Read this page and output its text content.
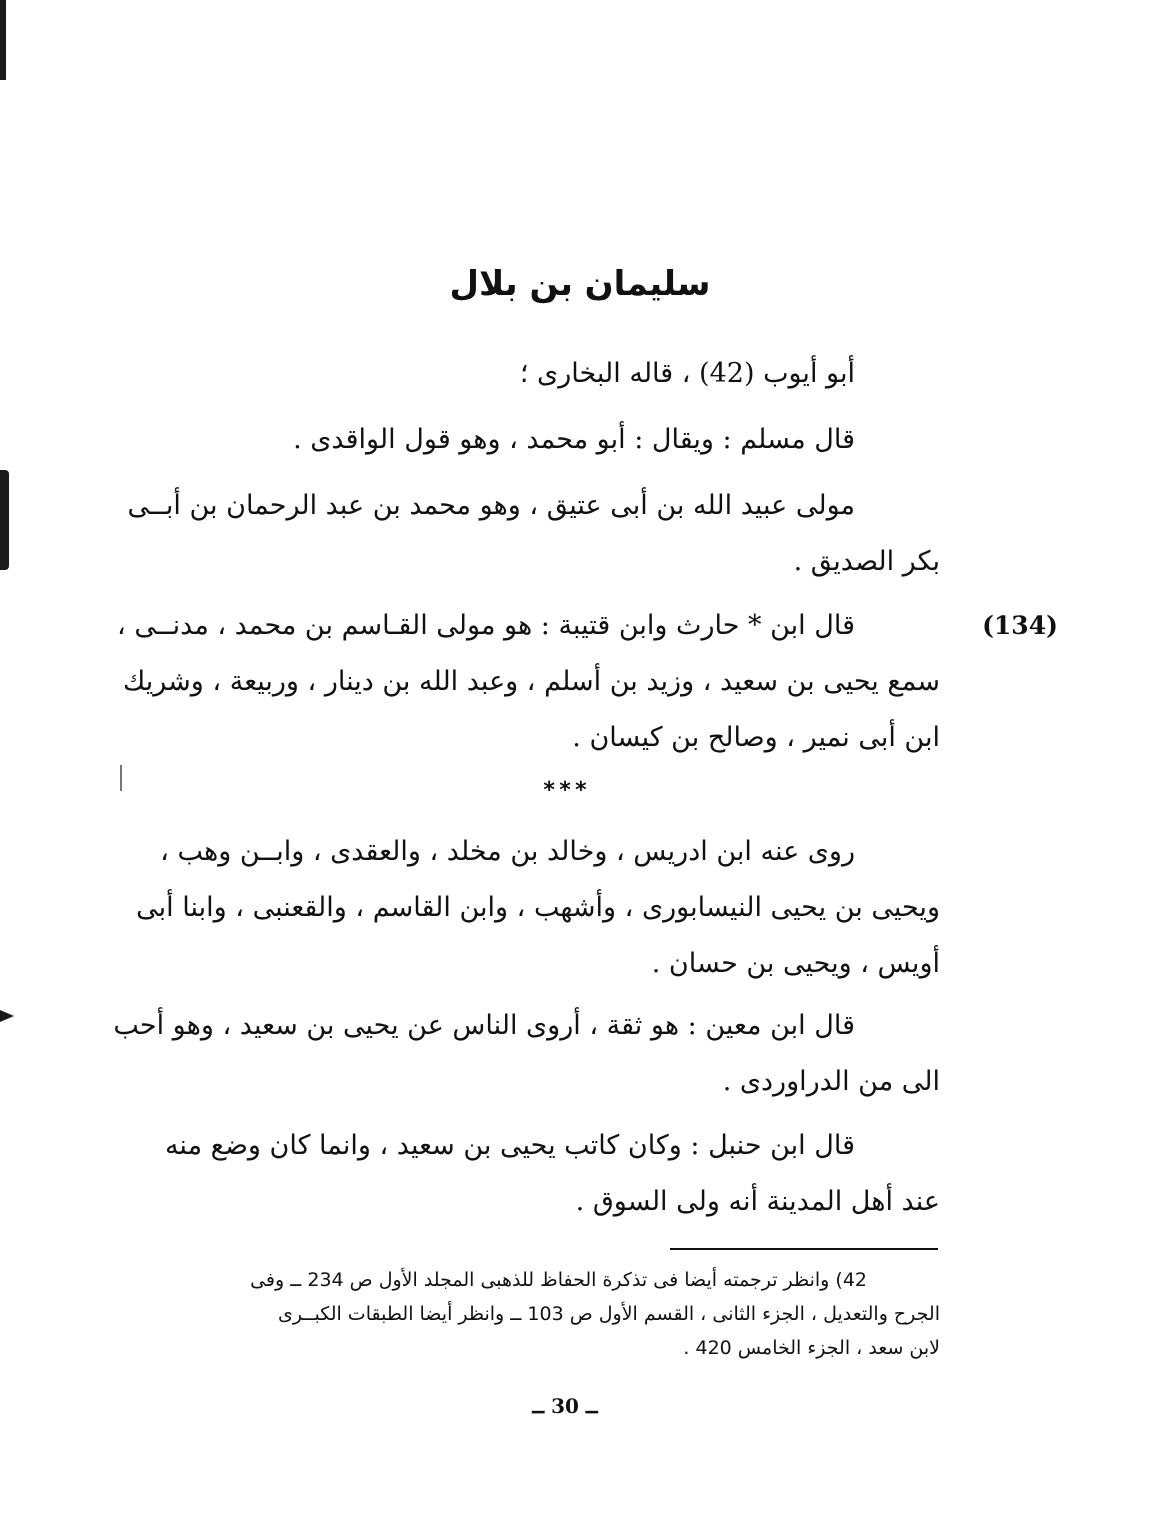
سليمان بن بلال
أبو أيوب (42) ، قاله البخارى ؛
قال مسلم : ويقال : أبو محمد ، وهو قول الواقدى .
مولى عبيد الله بن أبى عتيق ، وهو محمد بن عبد الرحمان بن أبــى
بكر الصديق .
(134)
قال ابن * حارث وابن قتيبة : هو مولى القـاسم بن محمد ، مدنــى ،
سمع يحيى بن سعيد ، وزيد بن أسلم ، وعبد الله بن دينار ، وربيعة ، وشريك
ابن أبى نمير ، وصالح بن كيسان .
* * *
روى عنه ابن ادريس ، وخالد بن مخلد ، والعقدى ، وابــن وهب ،
ويحيى بن يحيى النيسابورى ، وأشهب ، وابن القاسم ، والقعنبى ، وابنا أبى
أويس ، ويحيى بن حسان .
قال ابن معين : هو ثقة ، أروى الناس عن يحيى بن سعيد ، وهو أحب
الى من الدراوردى .
قال ابن حنبل : وكان كاتب يحيى بن سعيد ، وانما كان وضع منه
عند أهل المدينة أنه ولى السوق .
42) وانظر ترجمته أيضا فى تذكرة الحفاظ للذهبى المجلد الأول ص 234 ــ وفى
الجرح والتعديل ، الجزء الثانى ، القسم الأول ص 103 ــ وانظر أيضا الطبقات الكبــرى
لابن سعد ، الجزء الخامس 420 .
ــ 30 ــ
